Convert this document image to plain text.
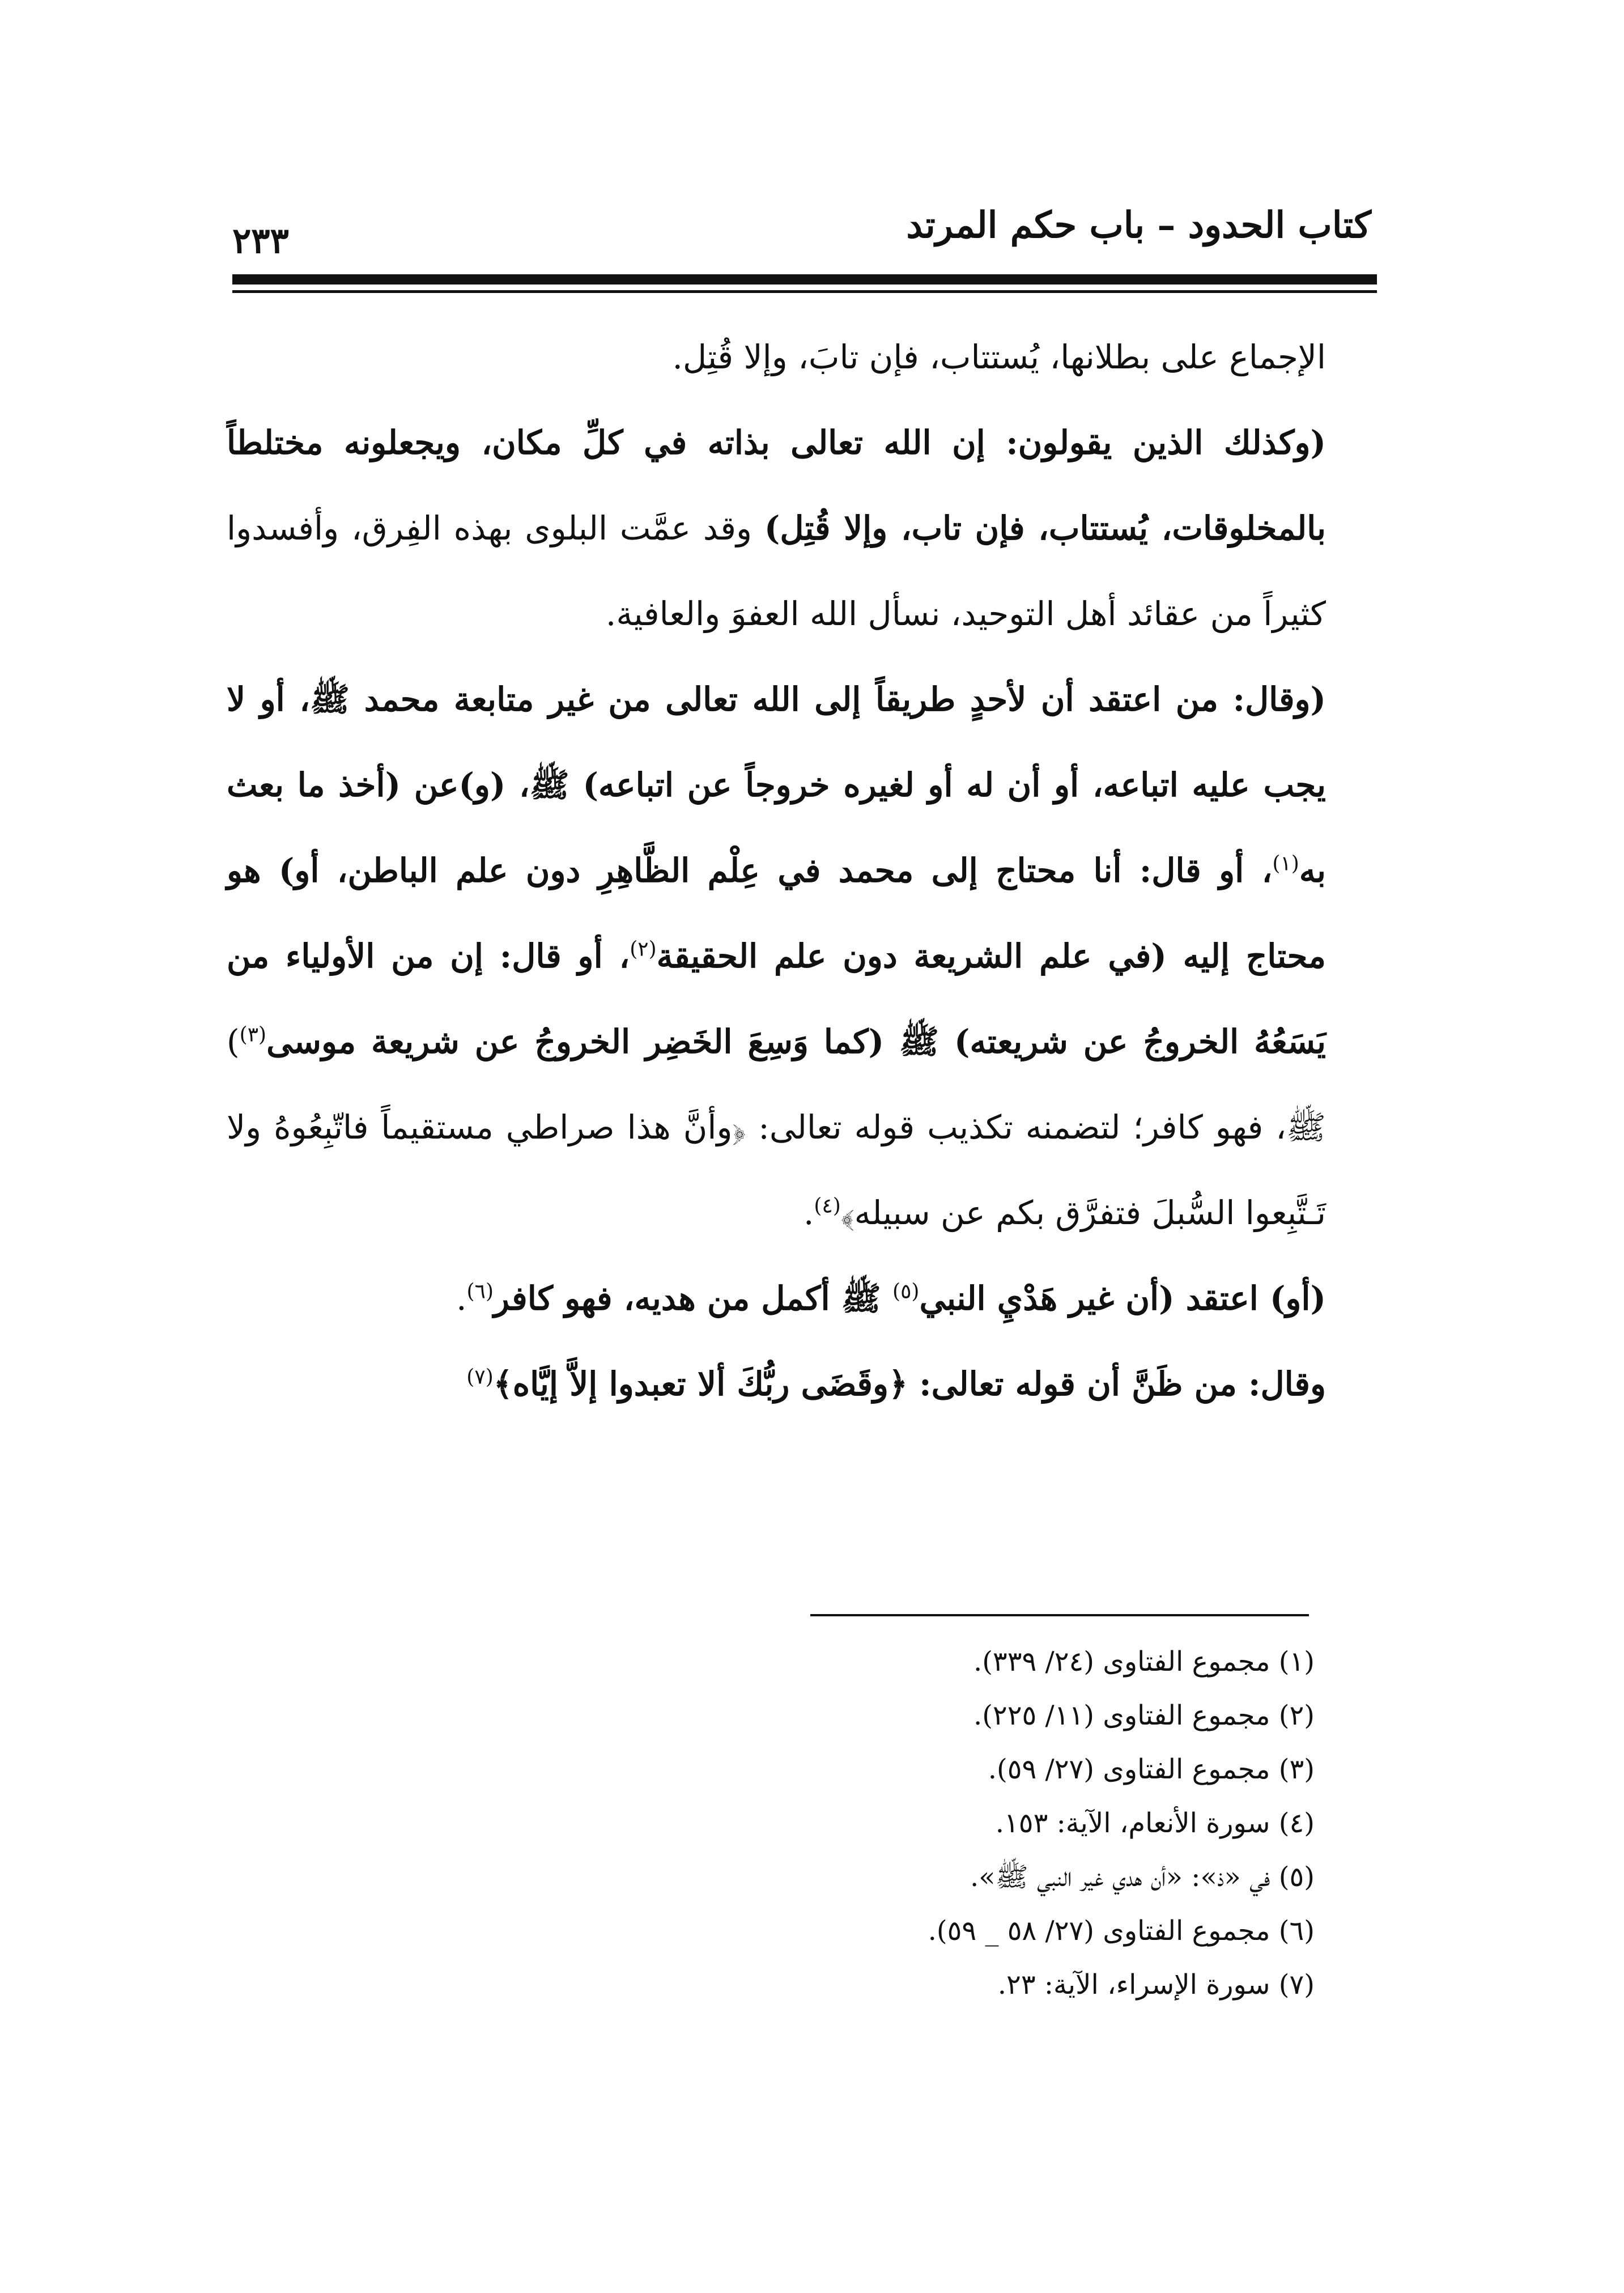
كتاب الحدود – باب حكم المرتد
٢٣٣

الإجماع على بطلانها، يُستتاب، فإن تابَ، وإلا قُتِل.

(وكذلك الذين يقولون: إن الله تعالى بذاته في كلِّ مكان، ويجعلونه مختلطاً بالمخلوقات، يُستتاب، فإن تاب، وإلا قُتِل) وقد عمَّت البلوى بهذه الفِرق، وأفسدوا كثيراً من عقائد أهل التوحيد، نسأل الله العفوَ والعافية.

(وقال: من اعتقد أن لأحدٍ طريقاً إلى الله تعالى من غير متابعة محمد ﷺ، أو لا يجب عليه اتباعه، أو أن له أو لغيره خروجاً عن اتباعه) ﷺ، (و)عن (أخذ ما بعث به$^{(١)}$، أو قال: أنا محتاج إلى محمد في عِلْم الظَّاهِرِ دون علم الباطن، أو) هو محتاج إليه (في علم الشريعة دون علم الحقيقة$^{(٢)}$، أو قال: إن من الأولياء من يَسَعُهُ الخروجُ عن شريعته) ﷺ (كما وَسِعَ الخَضِر الخروجُ عن شريعة موسى$^{(٣)}$) ﷺ، فهو كافر؛ لتضمنه تكذيب قوله تعالى: ﴿وأنَّ هذا صراطي مستقيماً فاتّبِعُوهُ ولا تَـتَّبِعوا السُّبلَ فتفرَّق بكم عن سبيله﴾$^{(٤)}$.

(أو) اعتقد (أن غير هَدْيِ النبي$^{(٥)}$ ﷺ أكمل من هديه، فهو كافر$^{(٦)}$.

وقال: من ظَنَّ أن قوله تعالى: ﴿وقَضَى ربُّكَ ألا تعبدوا إلاَّ إيَّاه﴾$^{(٧)}$

(١) مجموع الفتاوى (٢٤/ ٣٣٩).
(٢) مجموع الفتاوى (١١/ ٢٢٥).
(٣) مجموع الفتاوى (٢٧/ ٥٩).
(٤) سورة الأنعام، الآية: ١٥٣.
(٥) في «ذ»: «أن هدي غير النبي ﷺ».
(٦) مجموع الفتاوى (٢٧/ ٥٨ _ ٥٩).
(٧) سورة الإسراء، الآية: ٢٣.
